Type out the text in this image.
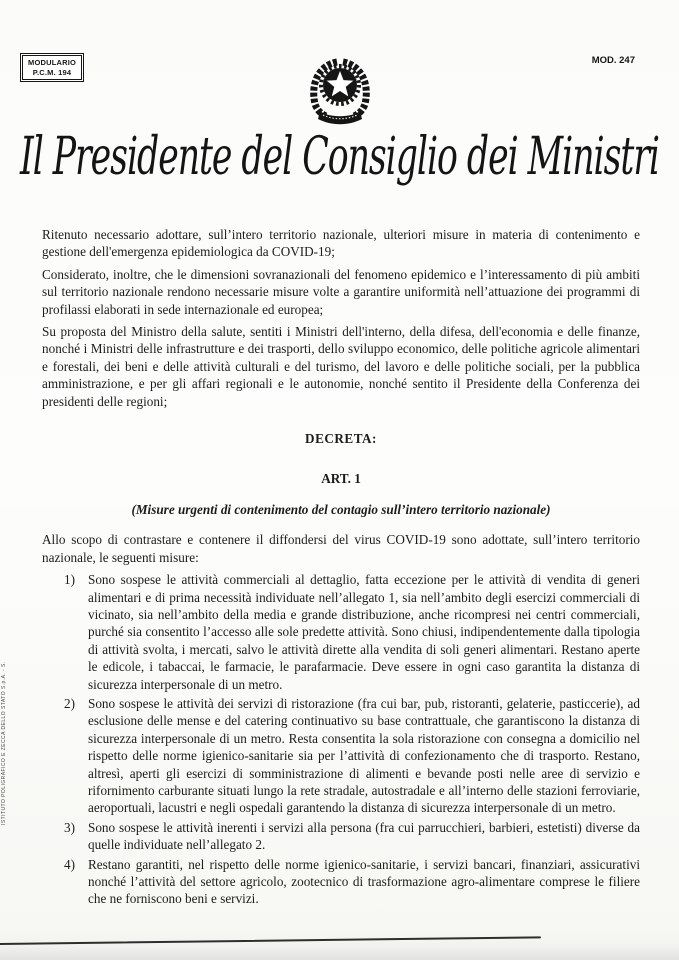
MODULARIO
P.C.M. 194
MOD. 247
Il Presidente del Consiglio dei Ministri

Ritenuto necessario adottare, sull’intero territorio nazionale, ulteriori misure in materia di contenimento e gestione dell'emergenza epidemiologica da COVID-19;

Considerato, inoltre, che le dimensioni sovranazionali del fenomeno epidemico e l’interessamento di più ambiti sul territorio nazionale rendono necessarie misure volte a garantire uniformità nell’attuazione dei programmi di profilassi elaborati in sede internazionale ed europea;

Su proposta del Ministro della salute, sentiti i Ministri dell'interno, della difesa, dell'economia e delle finanze, nonché i Ministri delle infrastrutture e dei trasporti, dello sviluppo economico, delle politiche agricole alimentari e forestali, dei beni e delle attività culturali e del turismo, del lavoro e delle politiche sociali, per la pubblica amministrazione, e per gli affari regionali e le autonomie, nonché sentito il Presidente della Conferenza dei presidenti delle regioni;

DECRETA:

ART. 1

(Misure urgenti di contenimento del contagio sull’intero territorio nazionale)

Allo scopo di contrastare e contenere il diffondersi del virus COVID-19 sono adottate, sull’intero territorio nazionale, le seguenti misure:

1) Sono sospese le attività commerciali al dettaglio, fatta eccezione per le attività di vendita di generi alimentari e di prima necessità individuate nell’allegato 1, sia nell’ambito degli esercizi commerciali di vicinato, sia nell’ambito della media e grande distribuzione, anche ricompresi nei centri commerciali, purché sia consentito l’accesso alle sole predette attività. Sono chiusi, indipendentemente dalla tipologia di attività svolta, i mercati, salvo le attività dirette alla vendita di soli generi alimentari. Restano aperte le edicole, i tabaccai, le farmacie, le parafarmacie. Deve essere in ogni caso garantita la distanza di sicurezza interpersonale di un metro.
2) Sono sospese le attività dei servizi di ristorazione (fra cui bar, pub, ristoranti, gelaterie, pasticcerie), ad esclusione delle mense e del catering continuativo su base contrattuale, che garantiscono la distanza di sicurezza interpersonale di un metro. Resta consentita la sola ristorazione con consegna a domicilio nel rispetto delle norme igienico-sanitarie sia per l’attività di confezionamento che di trasporto. Restano, altresì, aperti gli esercizi di somministrazione di alimenti e bevande posti nelle aree di servizio e rifornimento carburante situati lungo la rete stradale, autostradale e all’interno delle stazioni ferroviarie, aeroportuali, lacustri e negli ospedali garantendo la distanza di sicurezza interpersonale di un metro.
3) Sono sospese le attività inerenti i servizi alla persona (fra cui parrucchieri, barbieri, estetisti) diverse da quelle individuate nell’allegato 2.
4) Restano garantiti, nel rispetto delle norme igienico-sanitarie, i servizi bancari, finanziari, assicurativi nonché l’attività del settore agricolo, zootecnico di trasformazione agro-alimentare comprese le filiere che ne forniscono beni e servizi.
ISTITUTO POLIGRAFICO E ZECCA DELLO STATO S.p.A. - S.
